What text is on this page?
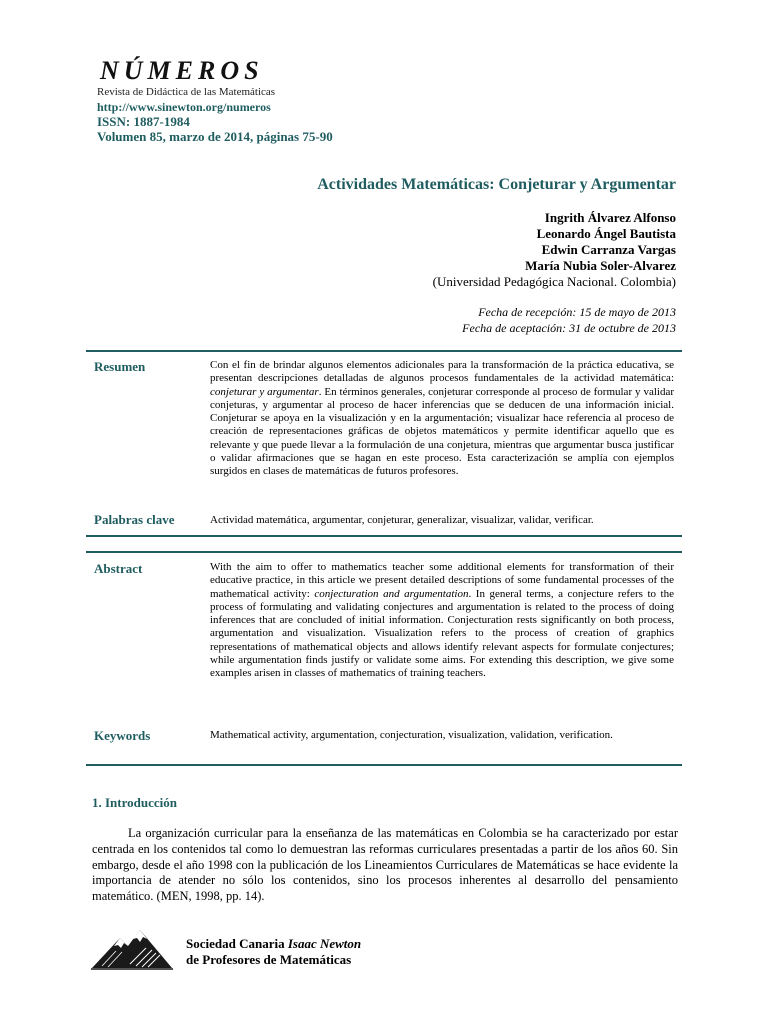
NÚMEROS
Revista de Didáctica de las Matemáticas
http://www.sinewton.org/numeros
ISSN: 1887-1984
Volumen 85, marzo de 2014, páginas 75-90
Actividades Matemáticas: Conjeturar y Argumentar
Ingrith Álvarez Alfonso
Leonardo Ángel Bautista
Edwin Carranza Vargas
María Nubia Soler-Alvarez
(Universidad Pedagógica Nacional. Colombia)
Fecha de recepción: 15 de mayo de 2013
Fecha de aceptación: 31 de octubre de 2013
Resumen	Con el fin de brindar algunos elementos adicionales para la transformación de la práctica educativa, se presentan descripciones detalladas de algunos procesos fundamentales de la actividad matemática: conjeturar y argumentar. En términos generales, conjeturar corresponde al proceso de formular y validar conjeturas, y argumentar al proceso de hacer inferencias que se deducen de una información inicial. Conjeturar se apoya en la visualización y en la argumentación; visualizar hace referencia al proceso de creación de representaciones gráficas de objetos matemáticos y permite identificar aquello que es relevante y que puede llevar a la formulación de una conjetura, mientras que argumentar busca justificar o validar afirmaciones que se hagan en este proceso. Esta caracterización se amplía con ejemplos surgidos en clases de matemáticas de futuros profesores.
Palabras clave	Actividad matemática, argumentar, conjeturar, generalizar, visualizar, validar, verificar.
Abstract	With the aim to offer to mathematics teacher some additional elements for transformation of their educative practice, in this article we present detailed descriptions of some fundamental processes of the mathematical activity: conjecturation and argumentation. In general terms, a conjecture refers to the process of formulating and validating conjectures and argumentation is related to the process of doing inferences that are concluded of initial information. Conjecturation rests significantly on both process, argumentation and visualization. Visualization refers to the process of creation of graphics representations of mathematical objects and allows identify relevant aspects for formulate conjectures; while argumentation finds justify or validate some aims. For extending this description, we give some examples arisen in classes of mathematics of training teachers.
Keywords	Mathematical activity, argumentation, conjecturation, visualization, validation, verification.
1. Introducción
La organización curricular para la enseñanza de las matemáticas en Colombia se ha caracterizado por estar centrada en los contenidos tal como lo demuestran las reformas curriculares presentadas a partir de los años 60. Sin embargo, desde el año 1998 con la publicación de los Lineamientos Curriculares de Matemáticas se hace evidente la importancia de atender no sólo los contenidos, sino los procesos inherentes al desarrollo del pensamiento matemático. (MEN, 1998, pp. 14).
Sociedad Canaria Isaac Newton
de Profesores de Matemáticas
